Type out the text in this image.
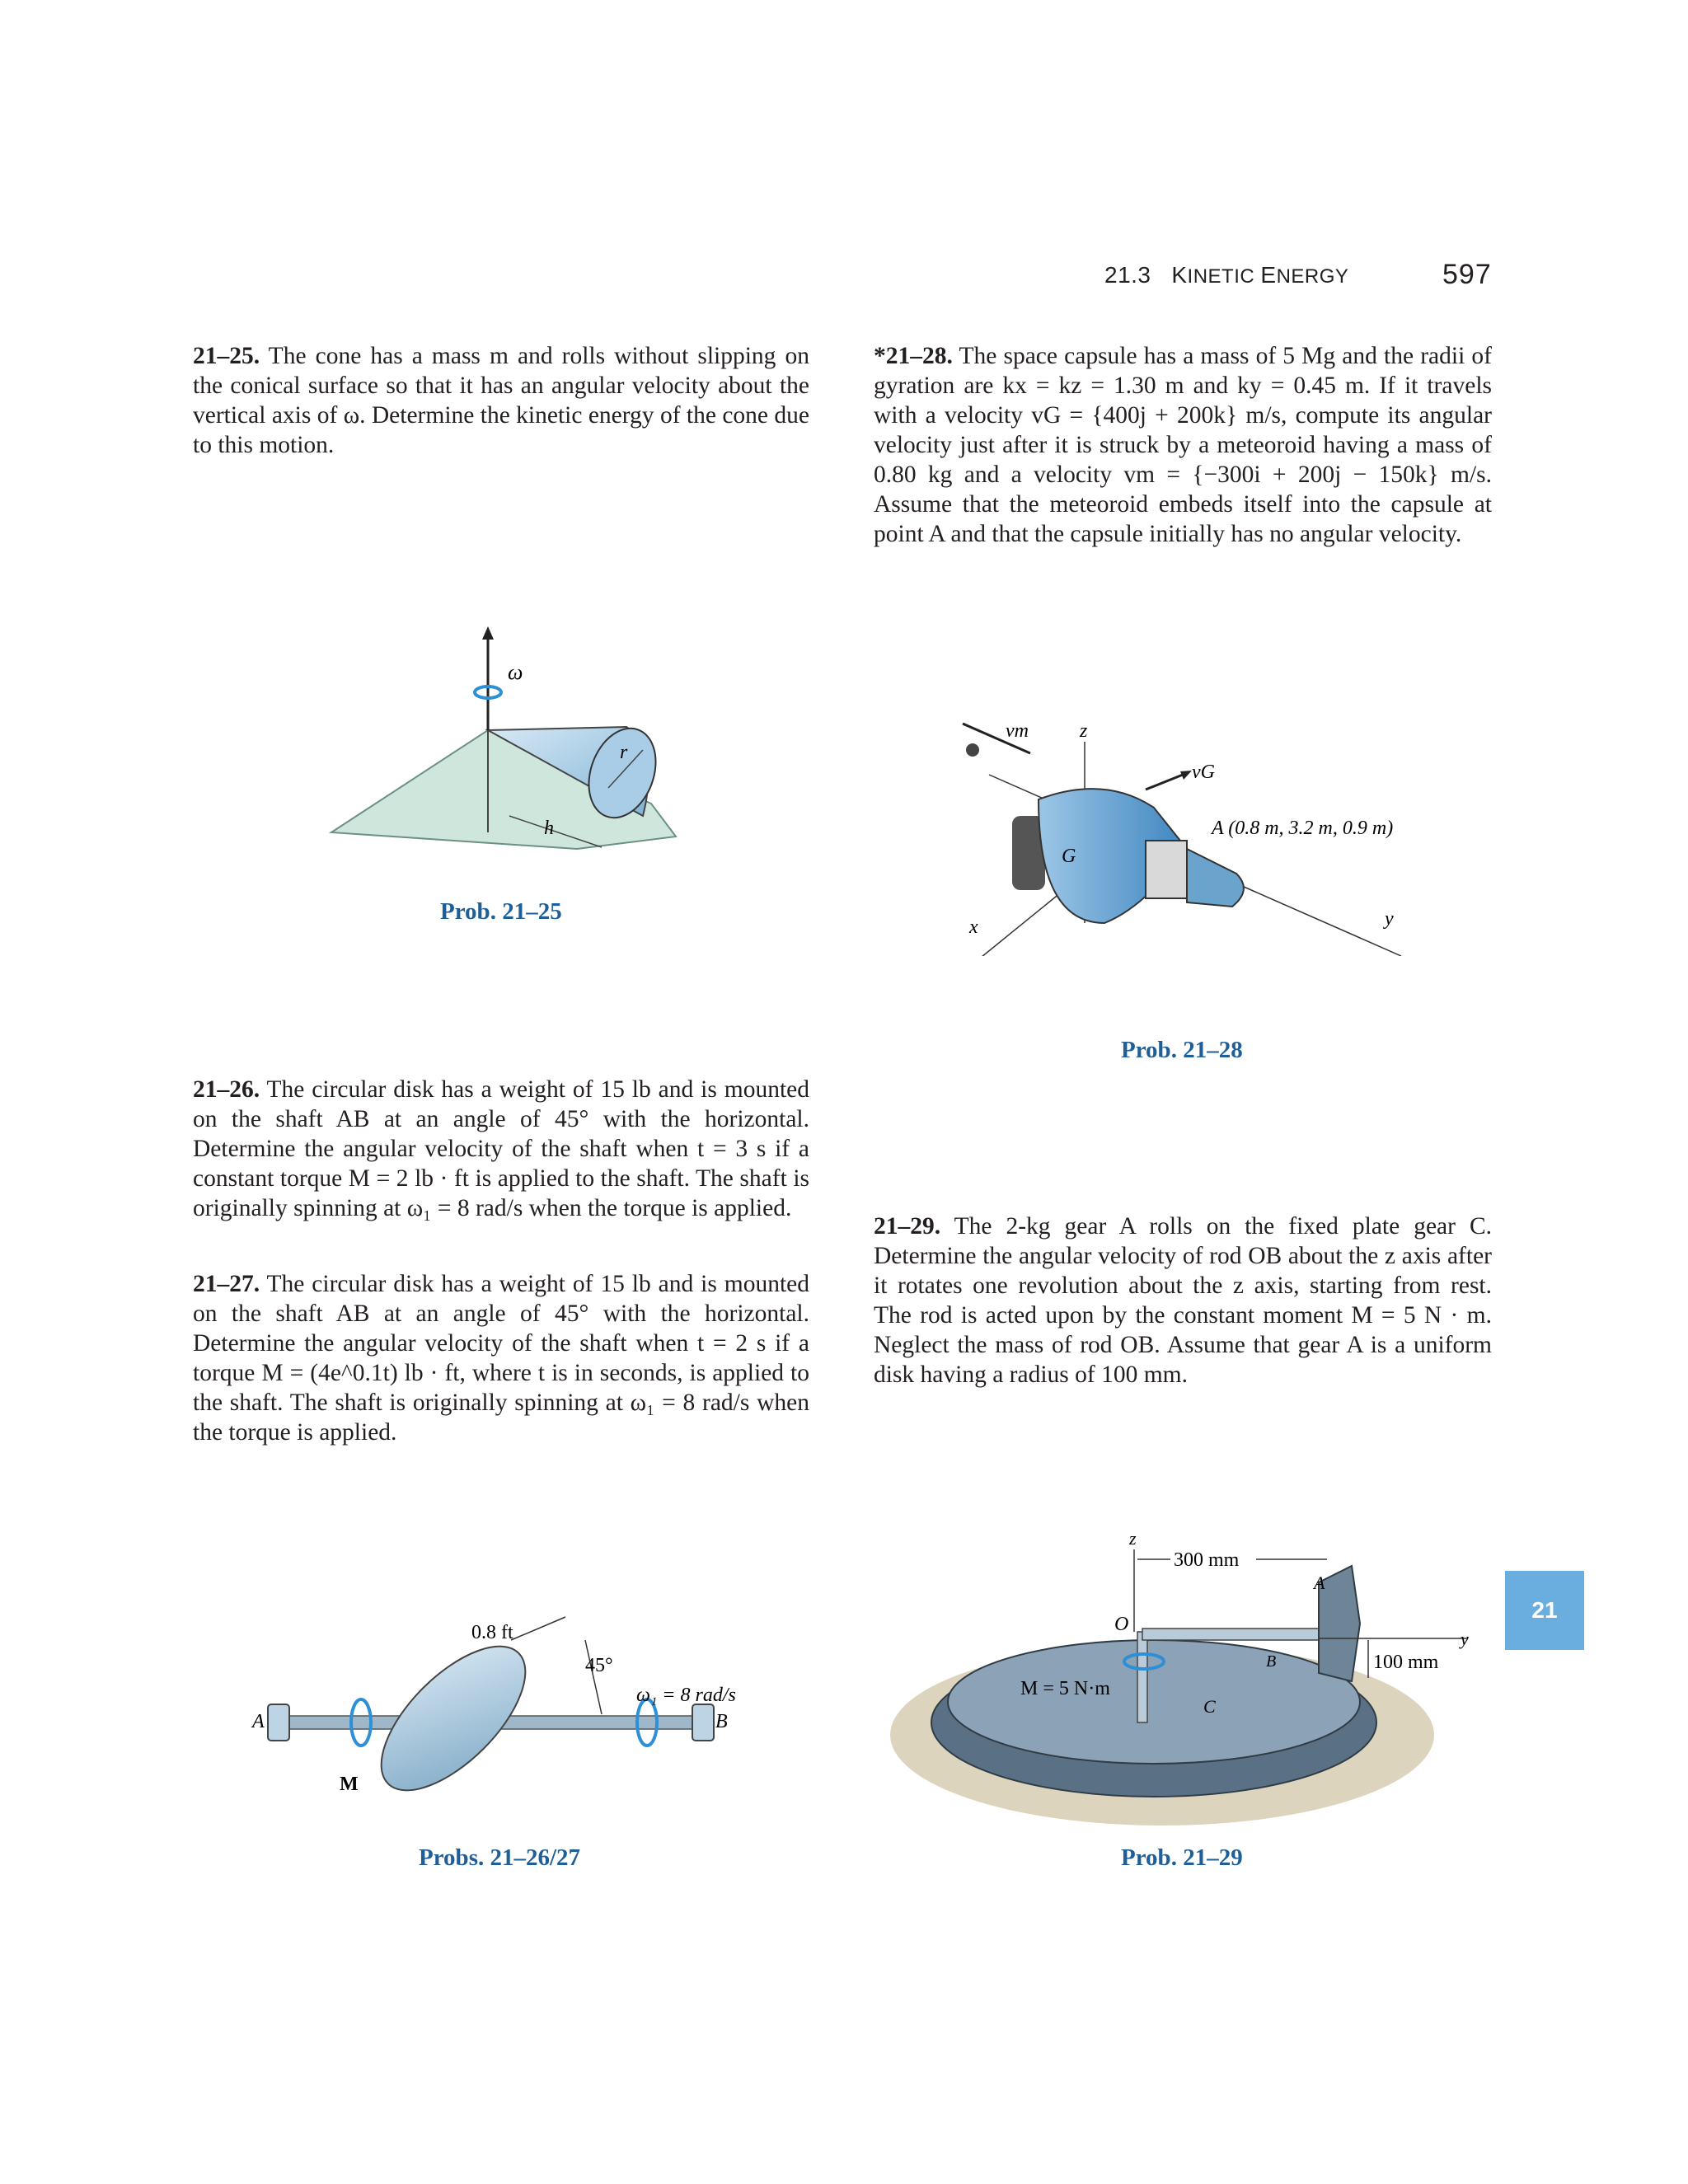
21.3 KINETIC ENERGY	597
21–25. The cone has a mass m and rolls without slipping on the conical surface so that it has an angular velocity about the vertical axis of ω. Determine the kinetic energy of the cone due to this motion.
*21–28. The space capsule has a mass of 5 Mg and the radii of gyration are kx = kz = 1.30 m and ky = 0.45 m. If it travels with a velocity vG = {400j + 200k} m/s, compute its angular velocity just after it is struck by a meteoroid having a mass of 0.80 kg and a velocity vm = {−300i + 200j − 150k} m/s. Assume that the meteoroid embeds itself into the capsule at point A and that the capsule initially has no angular velocity.
ω
r
h
Prob. 21–25
vm	z
vG
A (0.8 m, 3.2 m, 0.9 m)
G
x	y
Prob. 21–28
21–26. The circular disk has a weight of 15 lb and is mounted on the shaft AB at an angle of 45° with the horizontal. Determine the angular velocity of the shaft when t = 3 s if a constant torque M = 2 lb · ft is applied to the shaft. The shaft is originally spinning at ω₁ = 8 rad/s when the torque is applied.
21–27. The circular disk has a weight of 15 lb and is mounted on the shaft AB at an angle of 45° with the horizontal. Determine the angular velocity of the shaft when t = 2 s if a torque M = (4e^0.1t) lb · ft, where t is in seconds, is applied to the shaft. The shaft is originally spinning at ω₁ = 8 rad/s when the torque is applied.
21–29. The 2-kg gear A rolls on the fixed plate gear C. Determine the angular velocity of rod OB about the z axis after it rotates one revolution about the z axis, starting from rest. The rod is acted upon by the constant moment M = 5 N · m. Neglect the mass of rod OB. Assume that gear A is a uniform disk having a radius of 100 mm.
0.8 ft
45°
ω₁ = 8 rad/s
A	B
M
Probs. 21–26/27
z
300 mm
A
O
B
M = 5 N·m
C
100 mm
y
Prob. 21–29
21
